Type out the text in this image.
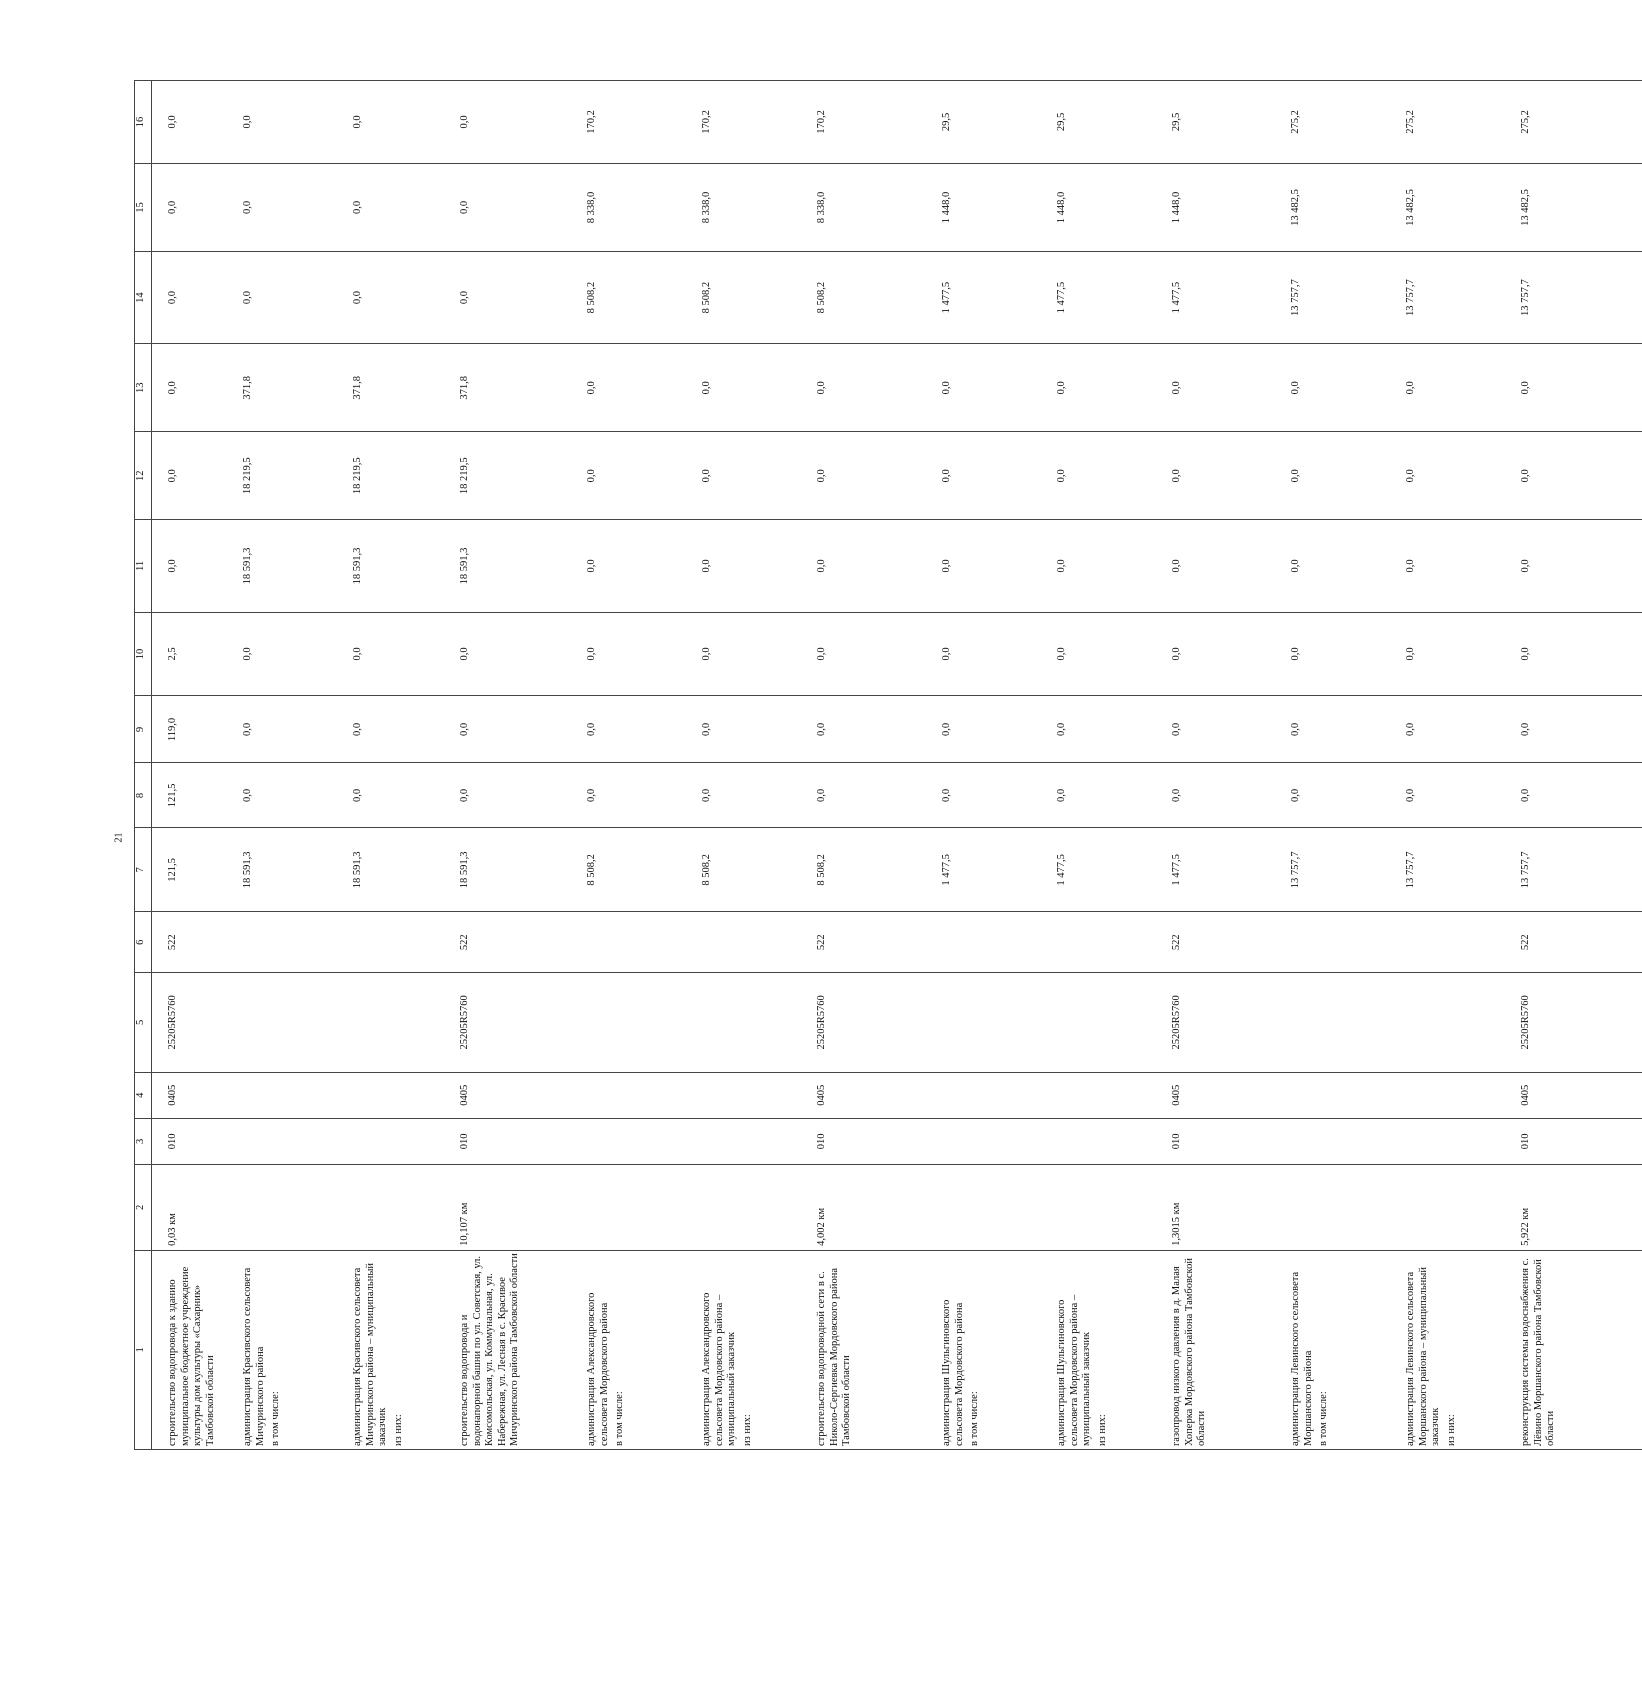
21
1	2	3	4	5	6	7	8	9	10	11	12	13	14	15	16
строительство водопровода к зданию муниципальное бюджетное учреждение культуры дом культуры «Сахарник» Тамбовской области	0,03 км	010	0405	25205R5760	522	121,5	121,5	119,0	2,5	0,0	0,0	0,0	0,0	0,0	0,0
администрация Красивского сельсовета Мичуринского района в том числе:						18 591,3	0,0	0,0	0,0	18 591,3	18 219,5	371,8	0,0	0,0	0,0
администрация Красивского сельсовета Мичуринского района – муниципальный заказчик из них:						18 591,3	0,0	0,0	0,0	18 591,3	18 219,5	371,8	0,0	0,0	0,0
строительство водопровода и водонапорной башни по ул. Советская, ул. Комсомольская, ул. Коммунальная, ул. Набережная, ул. Лесная в с. Красивое Мичуринского района Тамбовской области	10,107 км	010	0405	25205R5760	522	18 591,3	0,0	0,0	0,0	18 591,3	18 219,5	371,8	0,0	0,0	0,0
администрация Александровского сельсовета Мордовского района в том числе:						8 508,2	0,0	0,0	0,0	0,0	0,0	0,0	8 508,2	8 338,0	170,2
администрация Александровского сельсовета Мордовского района – муниципальный заказчик из них:						8 508,2	0,0	0,0	0,0	0,0	0,0	0,0	8 508,2	8 338,0	170,2
строительство водопроводной сети в с. Николо-Сергиевка Мордовского района Тамбовской области	4,002 км	010	0405	25205R5760	522	8 508,2	0,0	0,0	0,0	0,0	0,0	0,0	8 508,2	8 338,0	170,2
администрация Шульгиновского сельсовета Мордовского района в том числе:						1 477,5	0,0	0,0	0,0	0,0	0,0	0,0	1 477,5	1 448,0	29,5
администрация Шульгиновского сельсовета Мордовского района – муниципальный заказчик из них:						1 477,5	0,0	0,0	0,0	0,0	0,0	0,0	1 477,5	1 448,0	29,5
газопровод низкого давления в д. Малая Хоперка Мордовского района Тамбовской области	1,3015 км	010	0405	25205R5760	522	1 477,5	0,0	0,0	0,0	0,0	0,0	0,0	1 477,5	1 448,0	29,5
администрация Левинского сельсовета Моршанского района в том числе:						13 757,7	0,0	0,0	0,0	0,0	0,0	0,0	13 757,7	13 482,5	275,2
администрация Левинского сельсовета Моршанского района – муниципальный заказчик из них:						13 757,7	0,0	0,0	0,0	0,0	0,0	0,0	13 757,7	13 482,5	275,2
реконструкция системы водоснабжения с. Лёвино Моршанского района Тамбовской области	5,922 км	010	0405	25205R5760	522	13 757,7	0,0	0,0	0,0	0,0	0,0	0,0	13 757,7	13 482,5	275,2
